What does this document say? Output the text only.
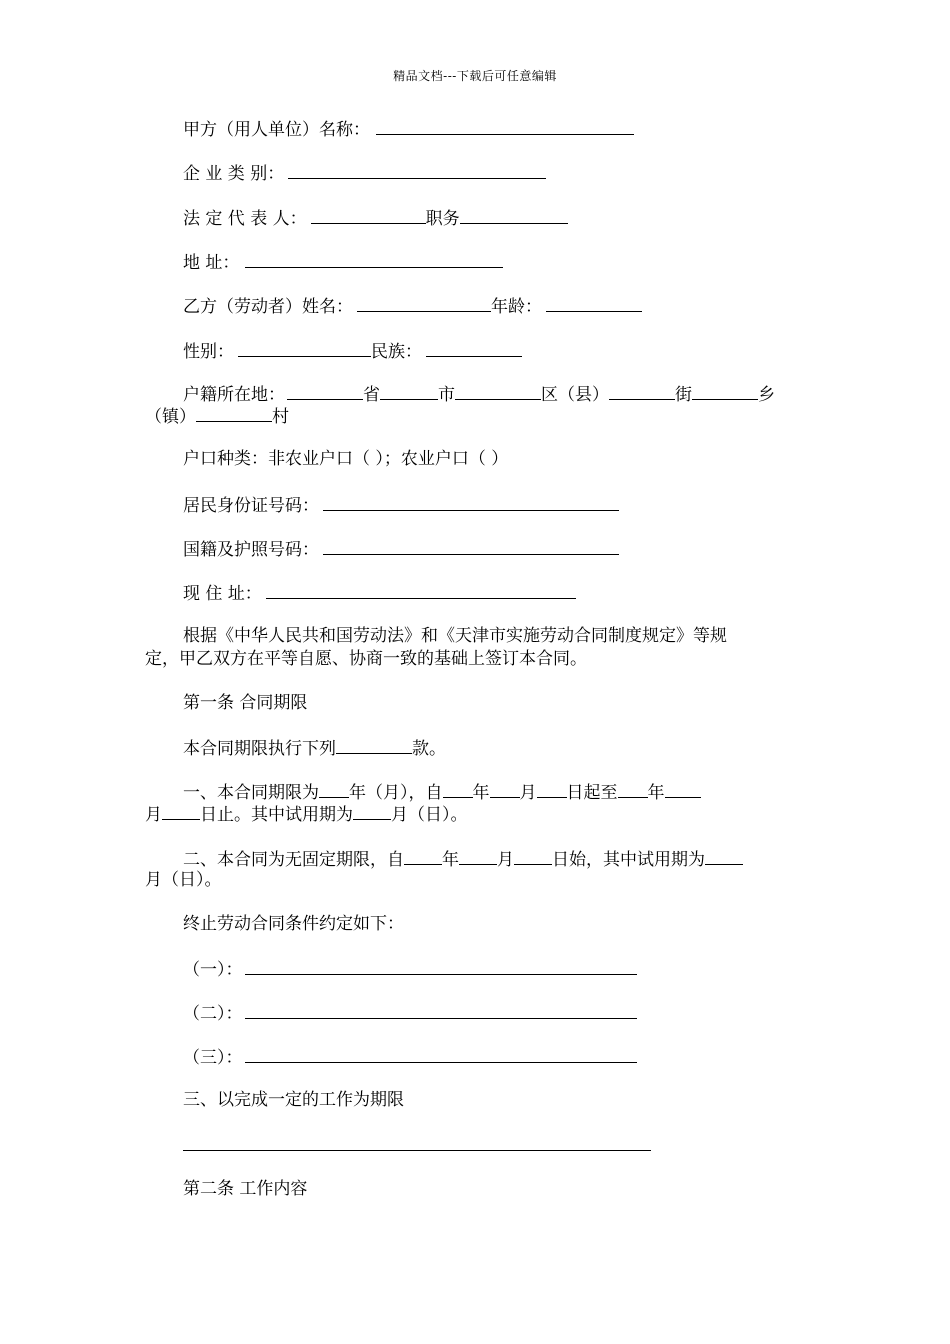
精品文档---下载后可任意编辑
甲方（用人单位）名称：
企 业 类 别：
法 定 代 表 人：	职务
地 址：
乙方（劳动者）姓名：	年龄：
性别：	民族：
户籍所在地：	省	市	区（县）	街	乡
（镇）	村
户口种类：非农业户口（ ）；农业户口（ ）
居民身份证号码：
国籍及护照号码：
现 住 址：
根据《中华人民共和国劳动法》和《天津市实施劳动合同制度规定》等规
定，甲乙双方在平等自愿、协商一致的基础上签订本合同。
第一条 合同期限
本合同期限执行下列	款。
一、本合同期限为 年（月），自 年 月 日起至 年
月 日止。其中试用期为 月（日）。
二、本合同为无固定期限，自 年 月 日始，其中试用期为
月（日）。
终止劳动合同条件约定如下：
（一）：
（二）：
（三）：
三、以完成一定的工作为期限
第二条 工作内容
